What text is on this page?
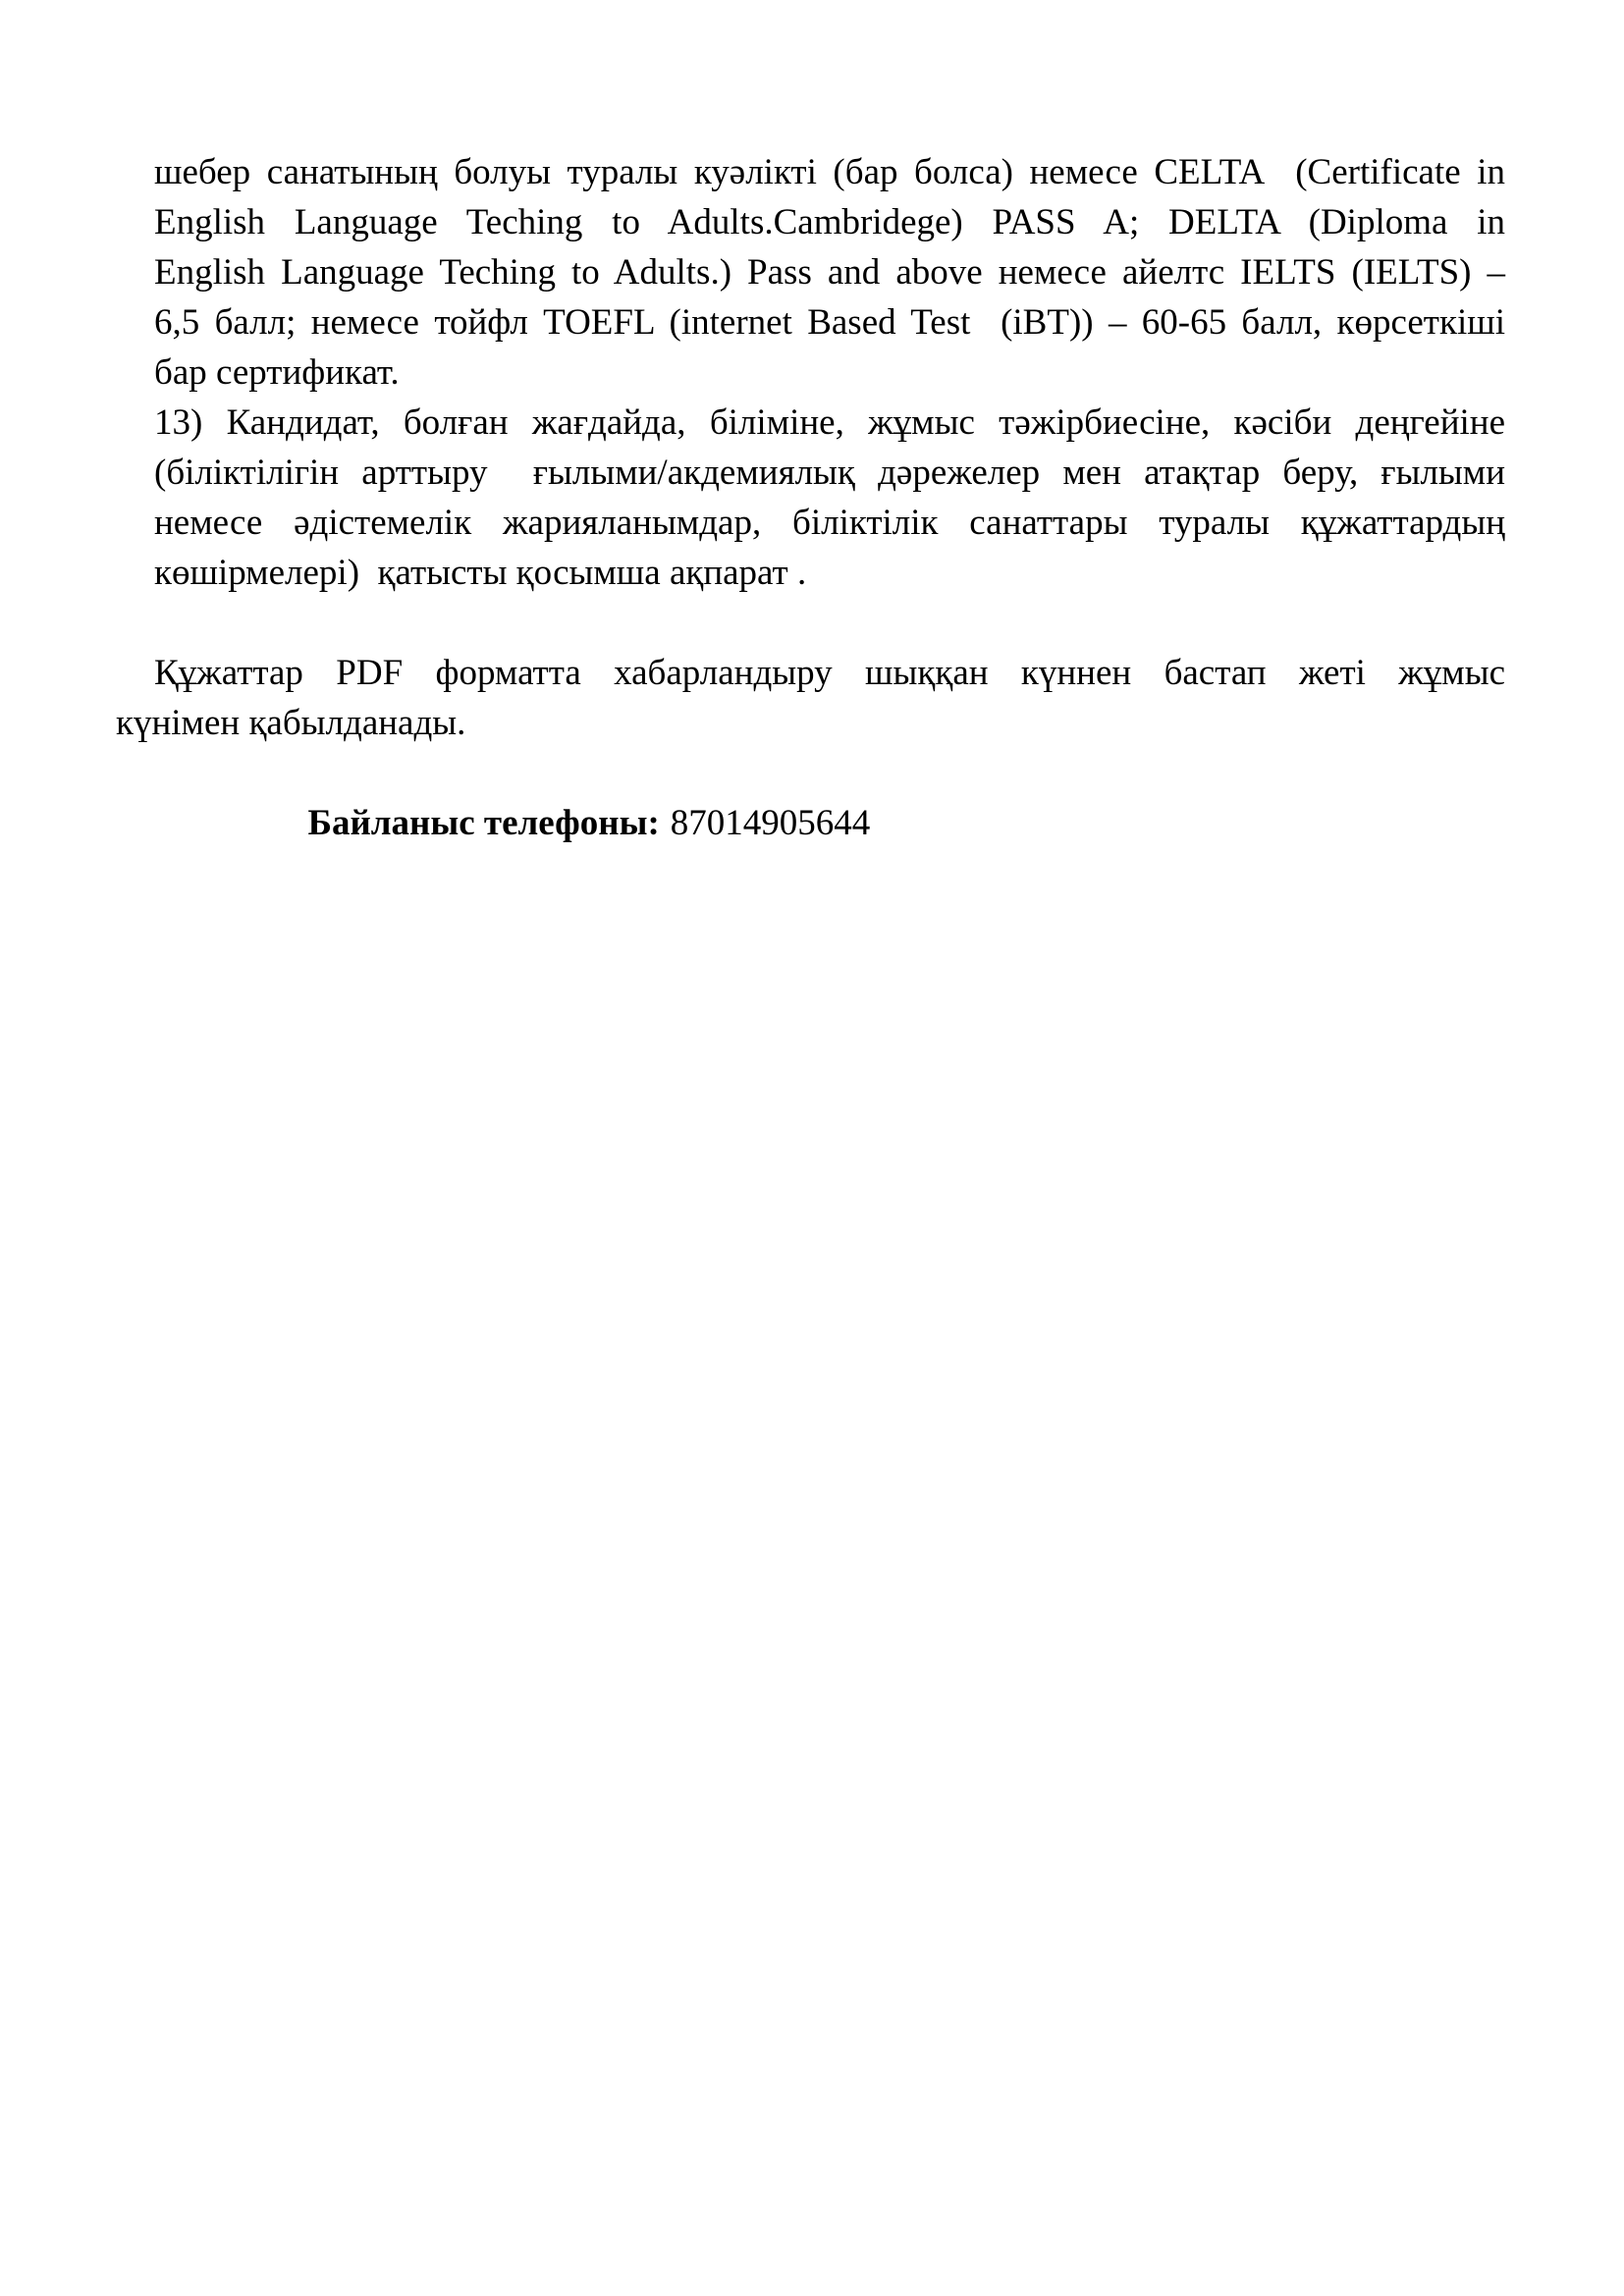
шебер санатының болуы туралы куәлікті (бар болса) немесе CELTA  (Certificate in
English Language Teching to Adults.Cambridege) PASS A; DELTA (Diploma in
English Language Teching to Adults.) Pass and above немесе айелтс IELTS (IELTS) –
6,5 балл; немесе тойфл TOEFL (internet Based Test  (iBT)) – 60-65 балл, көрсеткіші
бар сертификат.
13) Кандидат, болған жағдайда, біліміне, жұмыс тәжірбиесіне, кәсіби деңгейіне
(біліктілігін арттыру  ғылыми/акдемиялық дәрежелер мен атақтар беру, ғылыми
немесе әдістемелік жарияланымдар, біліктілік санаттары туралы құжаттардың
көшірмелері)  қатысты қосымша ақпарат .
Құжаттар PDF форматта хабарландыру шыққан күннен бастап жеті жұмыс
күнімен қабылданады.

Байланыс телефоны: 87014905644
